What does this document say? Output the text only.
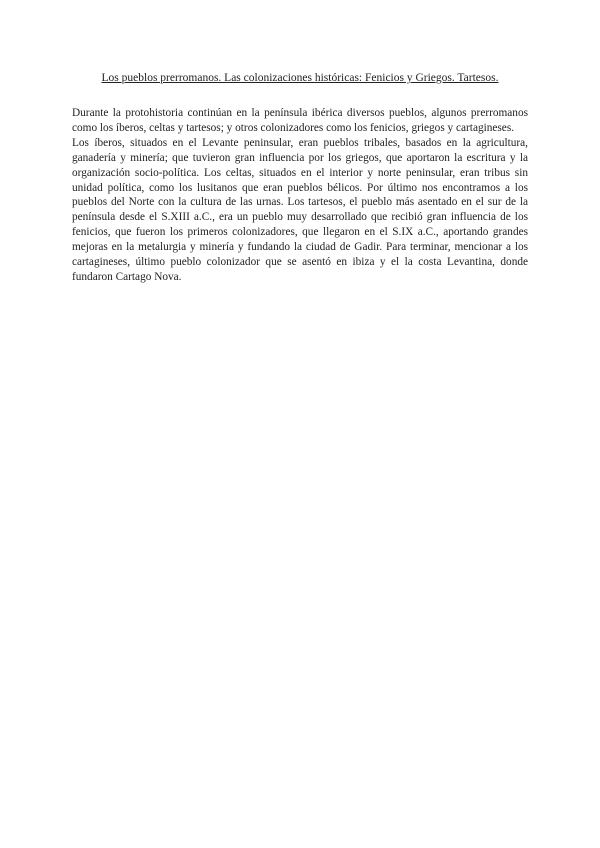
Los pueblos prerromanos. Las colonizaciones históricas: Fenicios y Griegos. Tartesos.

Durante la protohistoria continúan en la península ibérica diversos pueblos, algunos prerromanos como los íberos, celtas y tartesos; y otros colonizadores como los fenicios, griegos y cartagineses.

Los íberos, situados en el Levante peninsular, eran pueblos tribales, basados en la agricultura, ganadería y minería; que tuvieron gran influencia por los griegos, que aportaron la escritura y la organización socio-política. Los celtas, situados en el interior y norte peninsular, eran tribus sin unidad política, como los lusitanos que eran pueblos bélicos. Por último nos encontramos a los pueblos del Norte con la cultura de las urnas. Los tartesos, el pueblo más asentado en el sur de la península desde el S.XIII a.C., era un pueblo muy desarrollado que recibió gran influencia de los fenicios, que fueron los primeros colonizadores, que llegaron en el S.IX a.C., aportando grandes mejoras en la metalurgia y minería y fundando la ciudad de Gadir. Para terminar, mencionar a los cartagineses, último pueblo colonizador que se asentó en ibiza y el la costa Levantina, donde fundaron Cartago Nova.
